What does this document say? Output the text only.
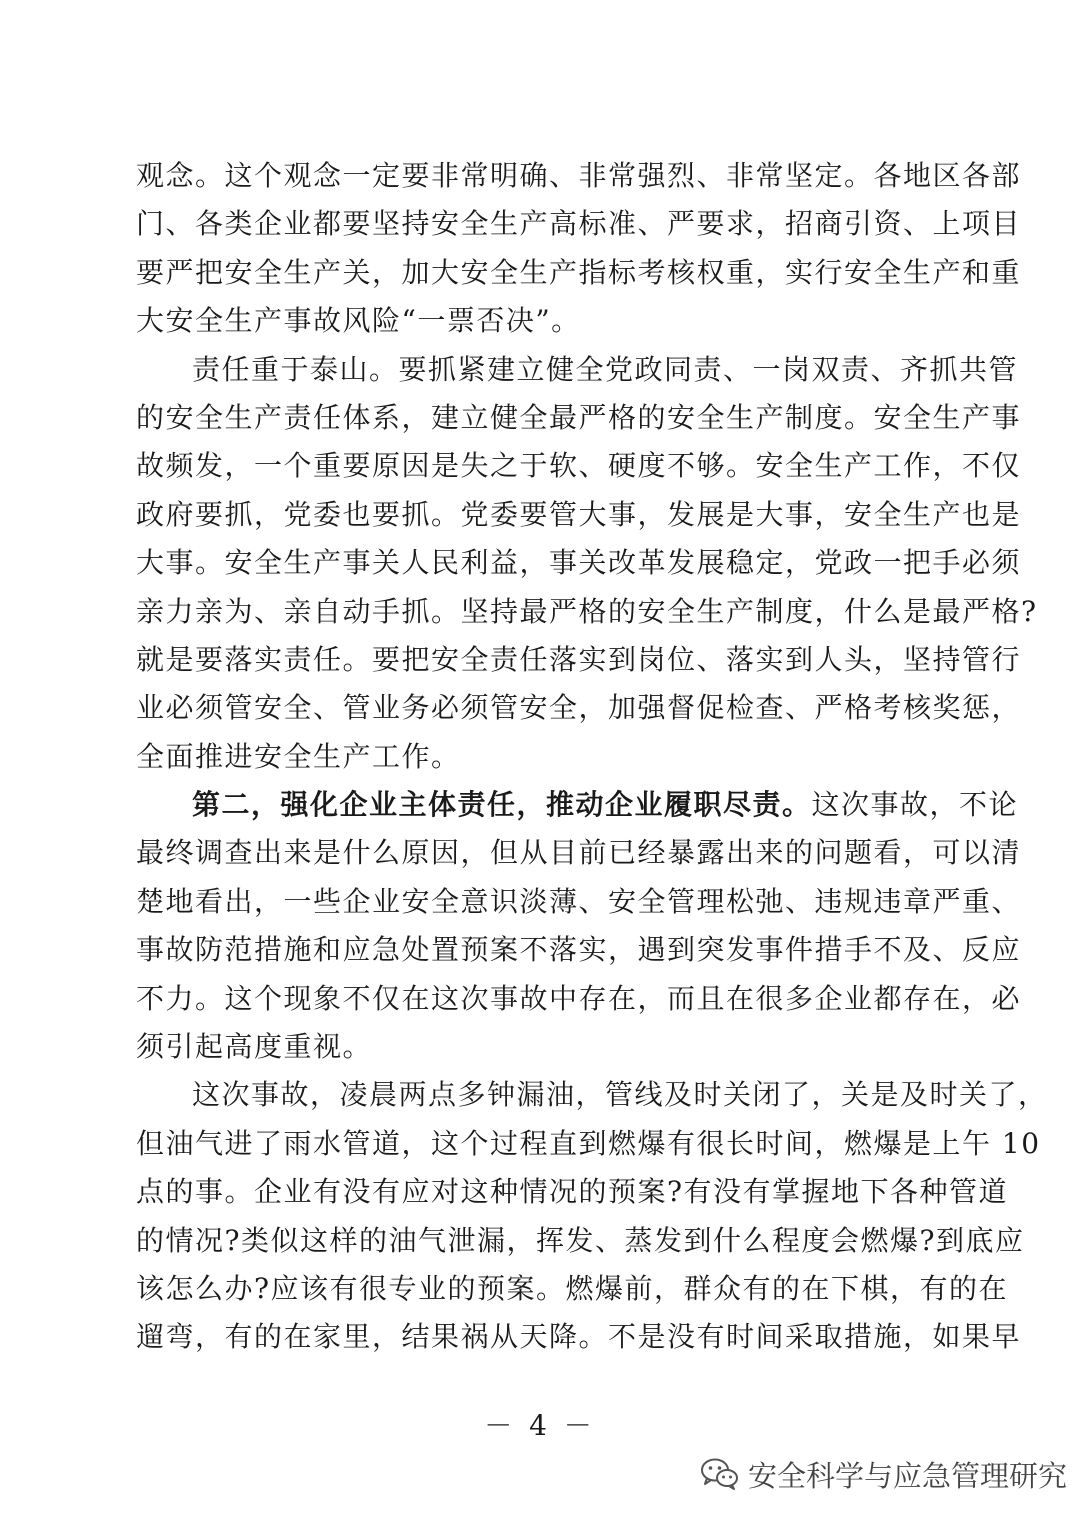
观念。这个观念一定要非常明确、非常强烈、非常坚定。各地区各部
门、各类企业都要坚持安全生产高标准、严要求，招商引资、上项目
要严把安全生产关，加大安全生产指标考核权重，实行安全生产和重
大安全生产事故风险“一票否决”。
责任重于泰山。要抓紧建立健全党政同责、一岗双责、齐抓共管
的安全生产责任体系，建立健全最严格的安全生产制度。安全生产事
故频发，一个重要原因是失之于软、硬度不够。安全生产工作，不仅
政府要抓，党委也要抓。党委要管大事，发展是大事，安全生产也是
大事。安全生产事关人民利益，事关改革发展稳定，党政一把手必须
亲力亲为、亲自动手抓。坚持最严格的安全生产制度，什么是最严格?
就是要落实责任。要把安全责任落实到岗位、落实到人头，坚持管行
业必须管安全、管业务必须管安全，加强督促检查、严格考核奖惩，
全面推进安全生产工作。
第二，强化企业主体责任，推动企业履职尽责。这次事故，不论
最终调查出来是什么原因，但从目前已经暴露出来的问题看，可以清
楚地看出，一些企业安全意识淡薄、安全管理松弛、违规违章严重、
事故防范措施和应急处置预案不落实，遇到突发事件措手不及、反应
不力。这个现象不仅在这次事故中存在，而且在很多企业都存在，必
须引起高度重视。
这次事故，凌晨两点多钟漏油，管线及时关闭了，关是及时关了，
但油气进了雨水管道，这个过程直到燃爆有很长时间，燃爆是上午 10
点的事。企业有没有应对这种情况的预案?有没有掌握地下各种管道
的情况?类似这样的油气泄漏，挥发、蒸发到什么程度会燃爆?到底应
该怎么办?应该有很专业的预案。燃爆前，群众有的在下棋，有的在
遛弯，有的在家里，结果祸从天降。不是没有时间采取措施，如果早
－ 4 －
安全科学与应急管理研究
